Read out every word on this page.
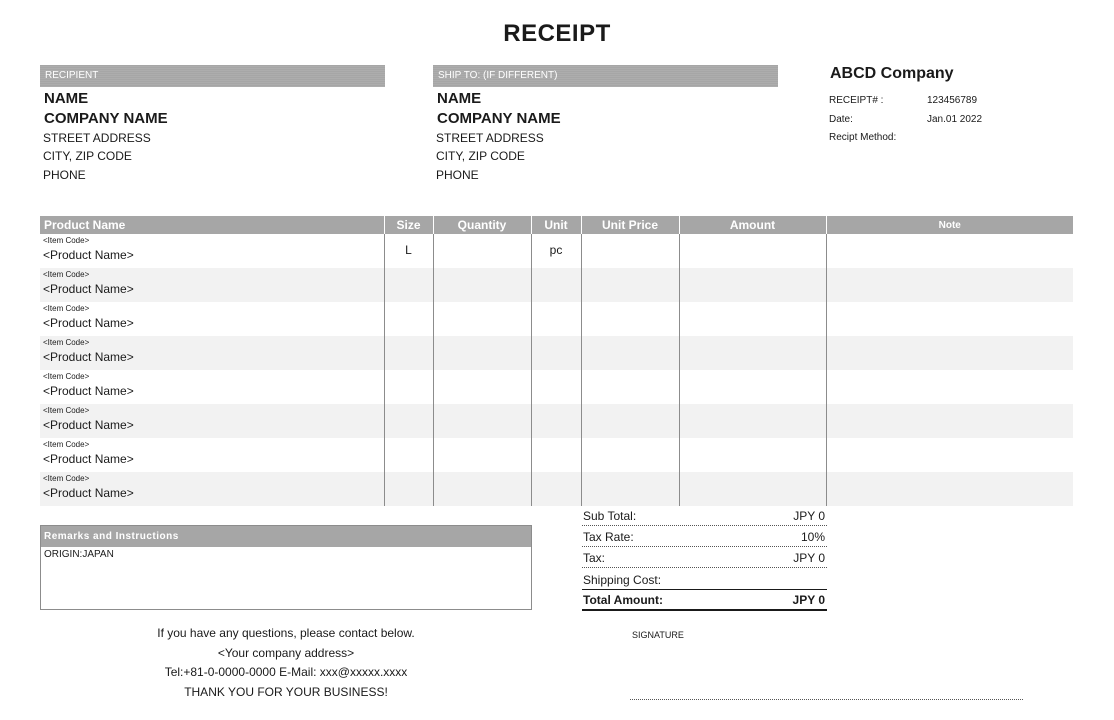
RECEIPT
RECIPIENT
NAME
COMPANY NAME
STREET ADDRESS
CITY, ZIP CODE
PHONE
SHIP TO: (IF DIFFERENT)
NAME
COMPANY NAME
STREET ADDRESS
CITY, ZIP CODE
PHONE
ABCD Company
RECEIPT# :	123456789
Date:	Jan.01 2022
Recipt Method:
Product Name	Size	Quantity	Unit	Unit Price	Amount	Note

<Item Code>
<Product Name>	L		pc			

<Item Code>
<Product Name>						

<Item Code>
<Product Name>						

<Item Code>
<Product Name>						

<Item Code>
<Product Name>						

<Item Code>
<Product Name>						

<Item Code>
<Product Name>						

<Item Code>
<Product Name>						

Remarks and Instructions
ORIGIN:JAPAN
Sub Total:	JPY 0
Tax Rate:	10%
Tax:	JPY 0
Shipping Cost:
Total Amount:	JPY 0
If you have any questions, please contact below.
<Your company address>
Tel:+81-0-0000-0000 E-Mail: xxx@xxxxx.xxxx
THANK YOU FOR YOUR BUSINESS!
SIGNATURE
